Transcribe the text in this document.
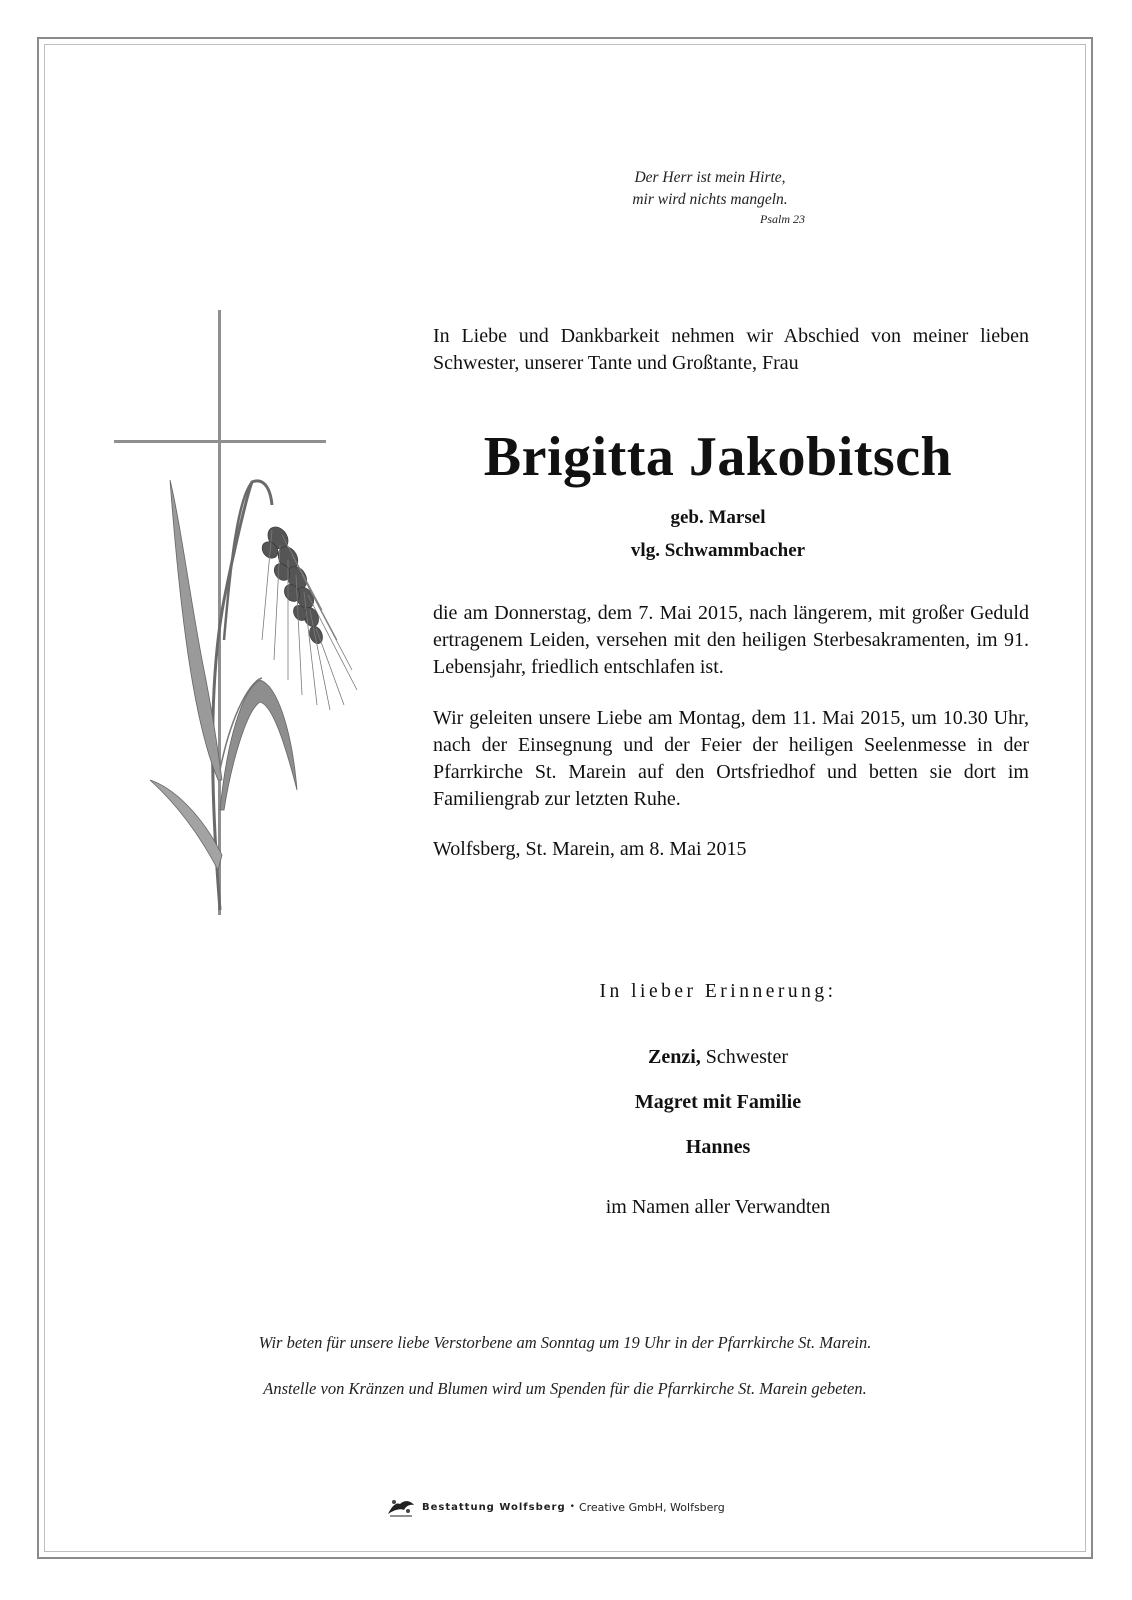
Der Herr ist mein Hirte,
mir wird nichts mangeln.
Psalm 23
In Liebe und Dankbarkeit nehmen wir Abschied von meiner lieben Schwester, unserer Tante und Großtante, Frau
Brigitta Jakobitsch
geb. Marsel
vlg. Schwammbacher
die am Donnerstag, dem 7. Mai 2015, nach längerem, mit großer Geduld ertragenem Leiden, versehen mit den heiligen Sterbesakramenten, im 91. Lebensjahr, friedlich entschlafen ist.
Wir geleiten unsere Liebe am Montag, dem 11. Mai 2015, um 10.30 Uhr, nach der Einsegnung und der Feier der heiligen Seelenmesse in der Pfarrkirche St. Marein auf den Ortsfriedhof und betten sie dort im Familiengrab zur letzten Ruhe.
Wolfsberg, St. Marein, am 8. Mai 2015
In lieber Erinnerung:
Zenzi, Schwester
Magret mit Familie
Hannes
im Namen aller Verwandten
Wir beten für unsere liebe Verstorbene am Sonntag um 19 Uhr in der Pfarrkirche St. Marein.
Anstelle von Kränzen und Blumen wird um Spenden für die Pfarrkirche St. Marein gebeten.
Bestattung Wolfsberg • Creative GmbH, Wolfsberg
